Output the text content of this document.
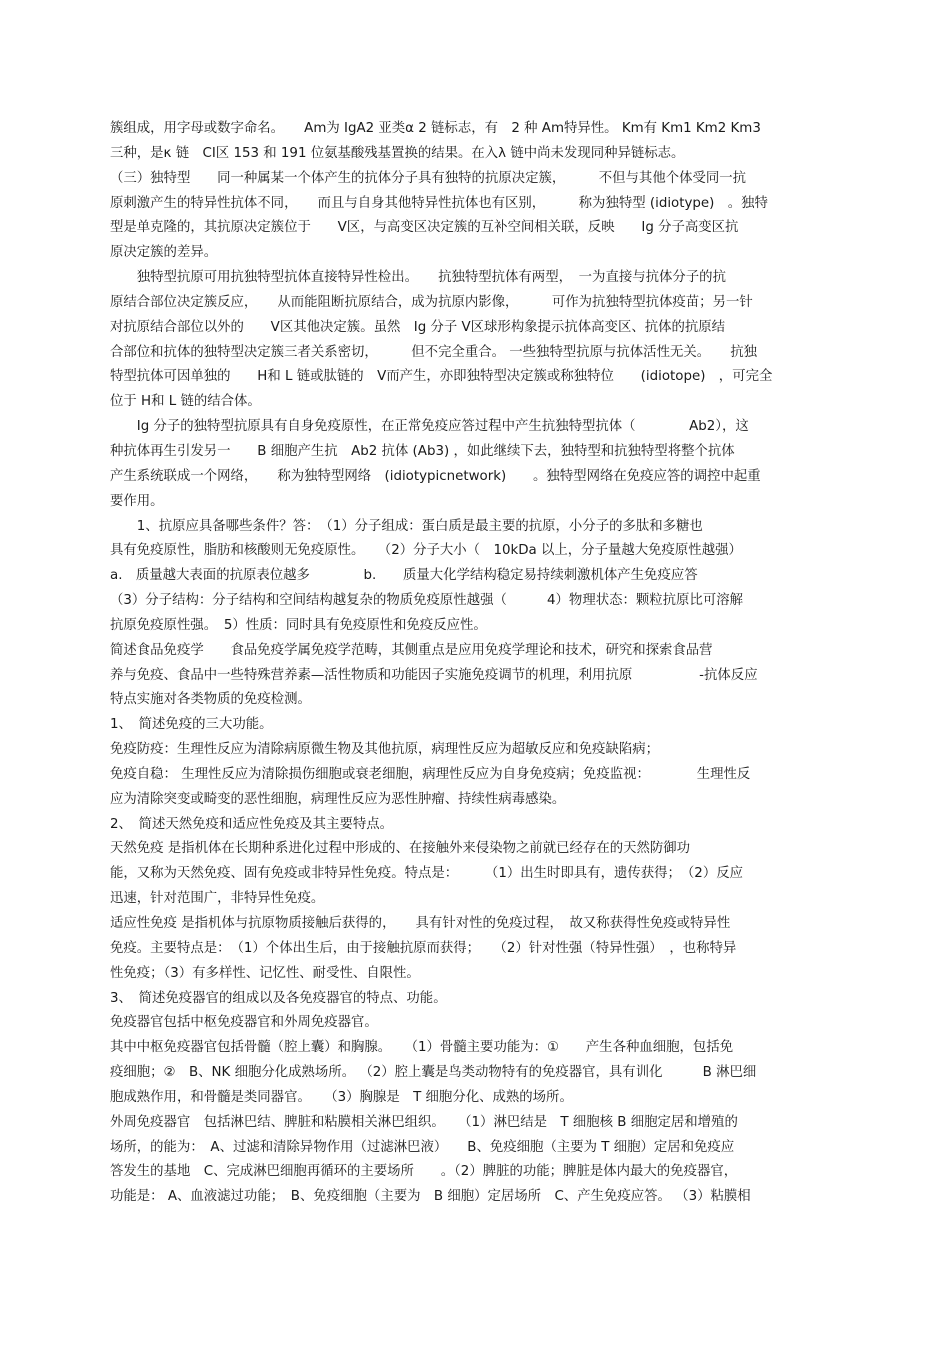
簇组成，用字母或数字命名。　　Am为 IgA2 亚类α 2 链标志，有　2 种 Am特异性。 Km有 Km1 Km2 Km3
三种，是κ 链　CΙ区 153 和 191 位氨基酸残基置换的结果。在入λ 链中尚未发现同种异链标志。
（三）独特型　　同一种属某一个体产生的抗体分子具有独特的抗原决定簇，　　　不但与其他个体受同一抗
原刺激产生的特异性抗体不同，　　而且与自身其他特异性抗体也有区别，　　　称为独特型 (idiotype)　。独特
型是单克隆的，其抗原决定簇位于　　V区，与高变区决定簇的互补空间相关联，反映　　Ig 分子高变区抗
原决定簇的差异。
　　独特型抗原可用抗独特型抗体直接特异性检出。　　抗独特型抗体有两型，　一为直接与抗体分子的抗
原结合部位决定簇反应，　　从而能阻断抗原结合，成为抗原内影像，　　　可作为抗独特型抗体疫苗；另一针
对抗原结合部位以外的　　V区其他决定簇。虽然　Ig 分子 V区球形构象提示抗体高变区、抗体的抗原结
合部位和抗体的独特型决定簇三者关系密切，　　　但不完全重合。 一些独特型抗原与抗体活性无关。　　抗独
特型抗体可因单独的　　H和 L 链或肽链的　V而产生，亦即独特型决定簇或称独特位　　(idiotope)　，可完全
位于 H和 L 链的结合体。
　　Ig 分子的独特型抗原具有自身免疫原性，在正常免疫应答过程中产生抗独特型抗体（　　　　Ab2），这
种抗体再生引发另一　　B 细胞产生抗　Ab2 抗体 (Ab3) ，如此继续下去，独特型和抗独特型将整个抗体
产生系统联成一个网络，　　称为独特型网络　(idiotypicnetwork)　　。独特型网络在免疫应答的调控中起重
要作用。
　　1、抗原应具备哪些条件？答：　（1）分子组成：蛋白质是最主要的抗原，小分子的多肽和多糖也
具有免疫原性，脂肪和核酸则无免疫原性。　　（2）分子大小（　10kDa 以上，分子量越大免疫原性越强）
a.　质量越大表面的抗原表位越多　　　　b.　　质量大化学结构稳定易持续刺激机体产生免疫应答
（3）分子结构：分子结构和空间结构越复杂的物质免疫原性越强（　　　4）物理状态：颗粒抗原比可溶解
抗原免疫原性强。　5）性质：同时具有免疫原性和免疫反应性。
简述食品免疫学　　食品免疫学属免疫学范畴，其侧重点是应用免疫学理论和技术，研究和探索食品营
养与免疫、食品中一些特殊营养素—活性物质和功能因子实施免疫调节的机理，利用抗原　　　　　-抗体反应
特点实施对各类物质的免疫检测。
1、　简述免疫的三大功能。
免疫防疫：生理性反应为清除病原微生物及其他抗原，病理性反应为超敏反应和免疫缺陷病；
免疫自稳： 生理性反应为清除损伤细胞或衰老细胞，病理性反应为自身免疫病；免疫监视：　　　　生理性反
应为清除突变或畸变的恶性细胞，病理性反应为恶性肿瘤、持续性病毒感染。
2、　简述天然免疫和适应性免疫及其主要特点。
天然免疫 是指机体在长期种系进化过程中形成的、在接触外来侵染物之前就已经存在的天然防御功
能，又称为天然免疫、固有免疫或非特异性免疫。特点是：　　　（1）出生时即具有，遗传获得；　（2）反应
迅速，针对范围广，非特异性免疫。
适应性免疫 是指机体与抗原物质接触后获得的，　　具有针对性的免疫过程，　故又称获得性免疫或特异性
免疫。主要特点是：　（1）个体出生后，由于接触抗原而获得；　　（2）针对性强（特异性强）　，也称特异
性免疫；（3）有多样性、记忆性、耐受性、自限性。
3、　简述免疫器官的组成以及各免疫器官的特点、功能。
免疫器官包括中枢免疫器官和外周免疫器官。
其中中枢免疫器官包括骨髓（腔上囊）和胸腺。　　（1）骨髓主要功能为：①　　产生各种血细胞，包括免
疫细胞；②　B、NK 细胞分化成熟场所。 （2）腔上囊是鸟类动物特有的免疫器官，具有训化　　　B 淋巴细
胞成熟作用，和骨髓是类同器官。　　（3）胸腺是　T 细胞分化、成熟的场所。
外周免疫器官　包括淋巴结、脾脏和粘膜相关淋巴组织。　　（1）淋巴结是　T 细胞核 B 细胞定居和增殖的
场所，的能为：　A、过滤和清除异物作用（过滤淋巴液）　　B、免疫细胞（主要为 T 细胞）定居和免疫应
答发生的基地　C、完成淋巴细胞再循环的主要场所　　。（2）脾脏的功能；脾脏是体内最大的免疫器官，
功能是： A、血液滤过功能；　B、免疫细胞（主要为　B 细胞）定居场所　C、产生免疫应答。 （3）粘膜相
